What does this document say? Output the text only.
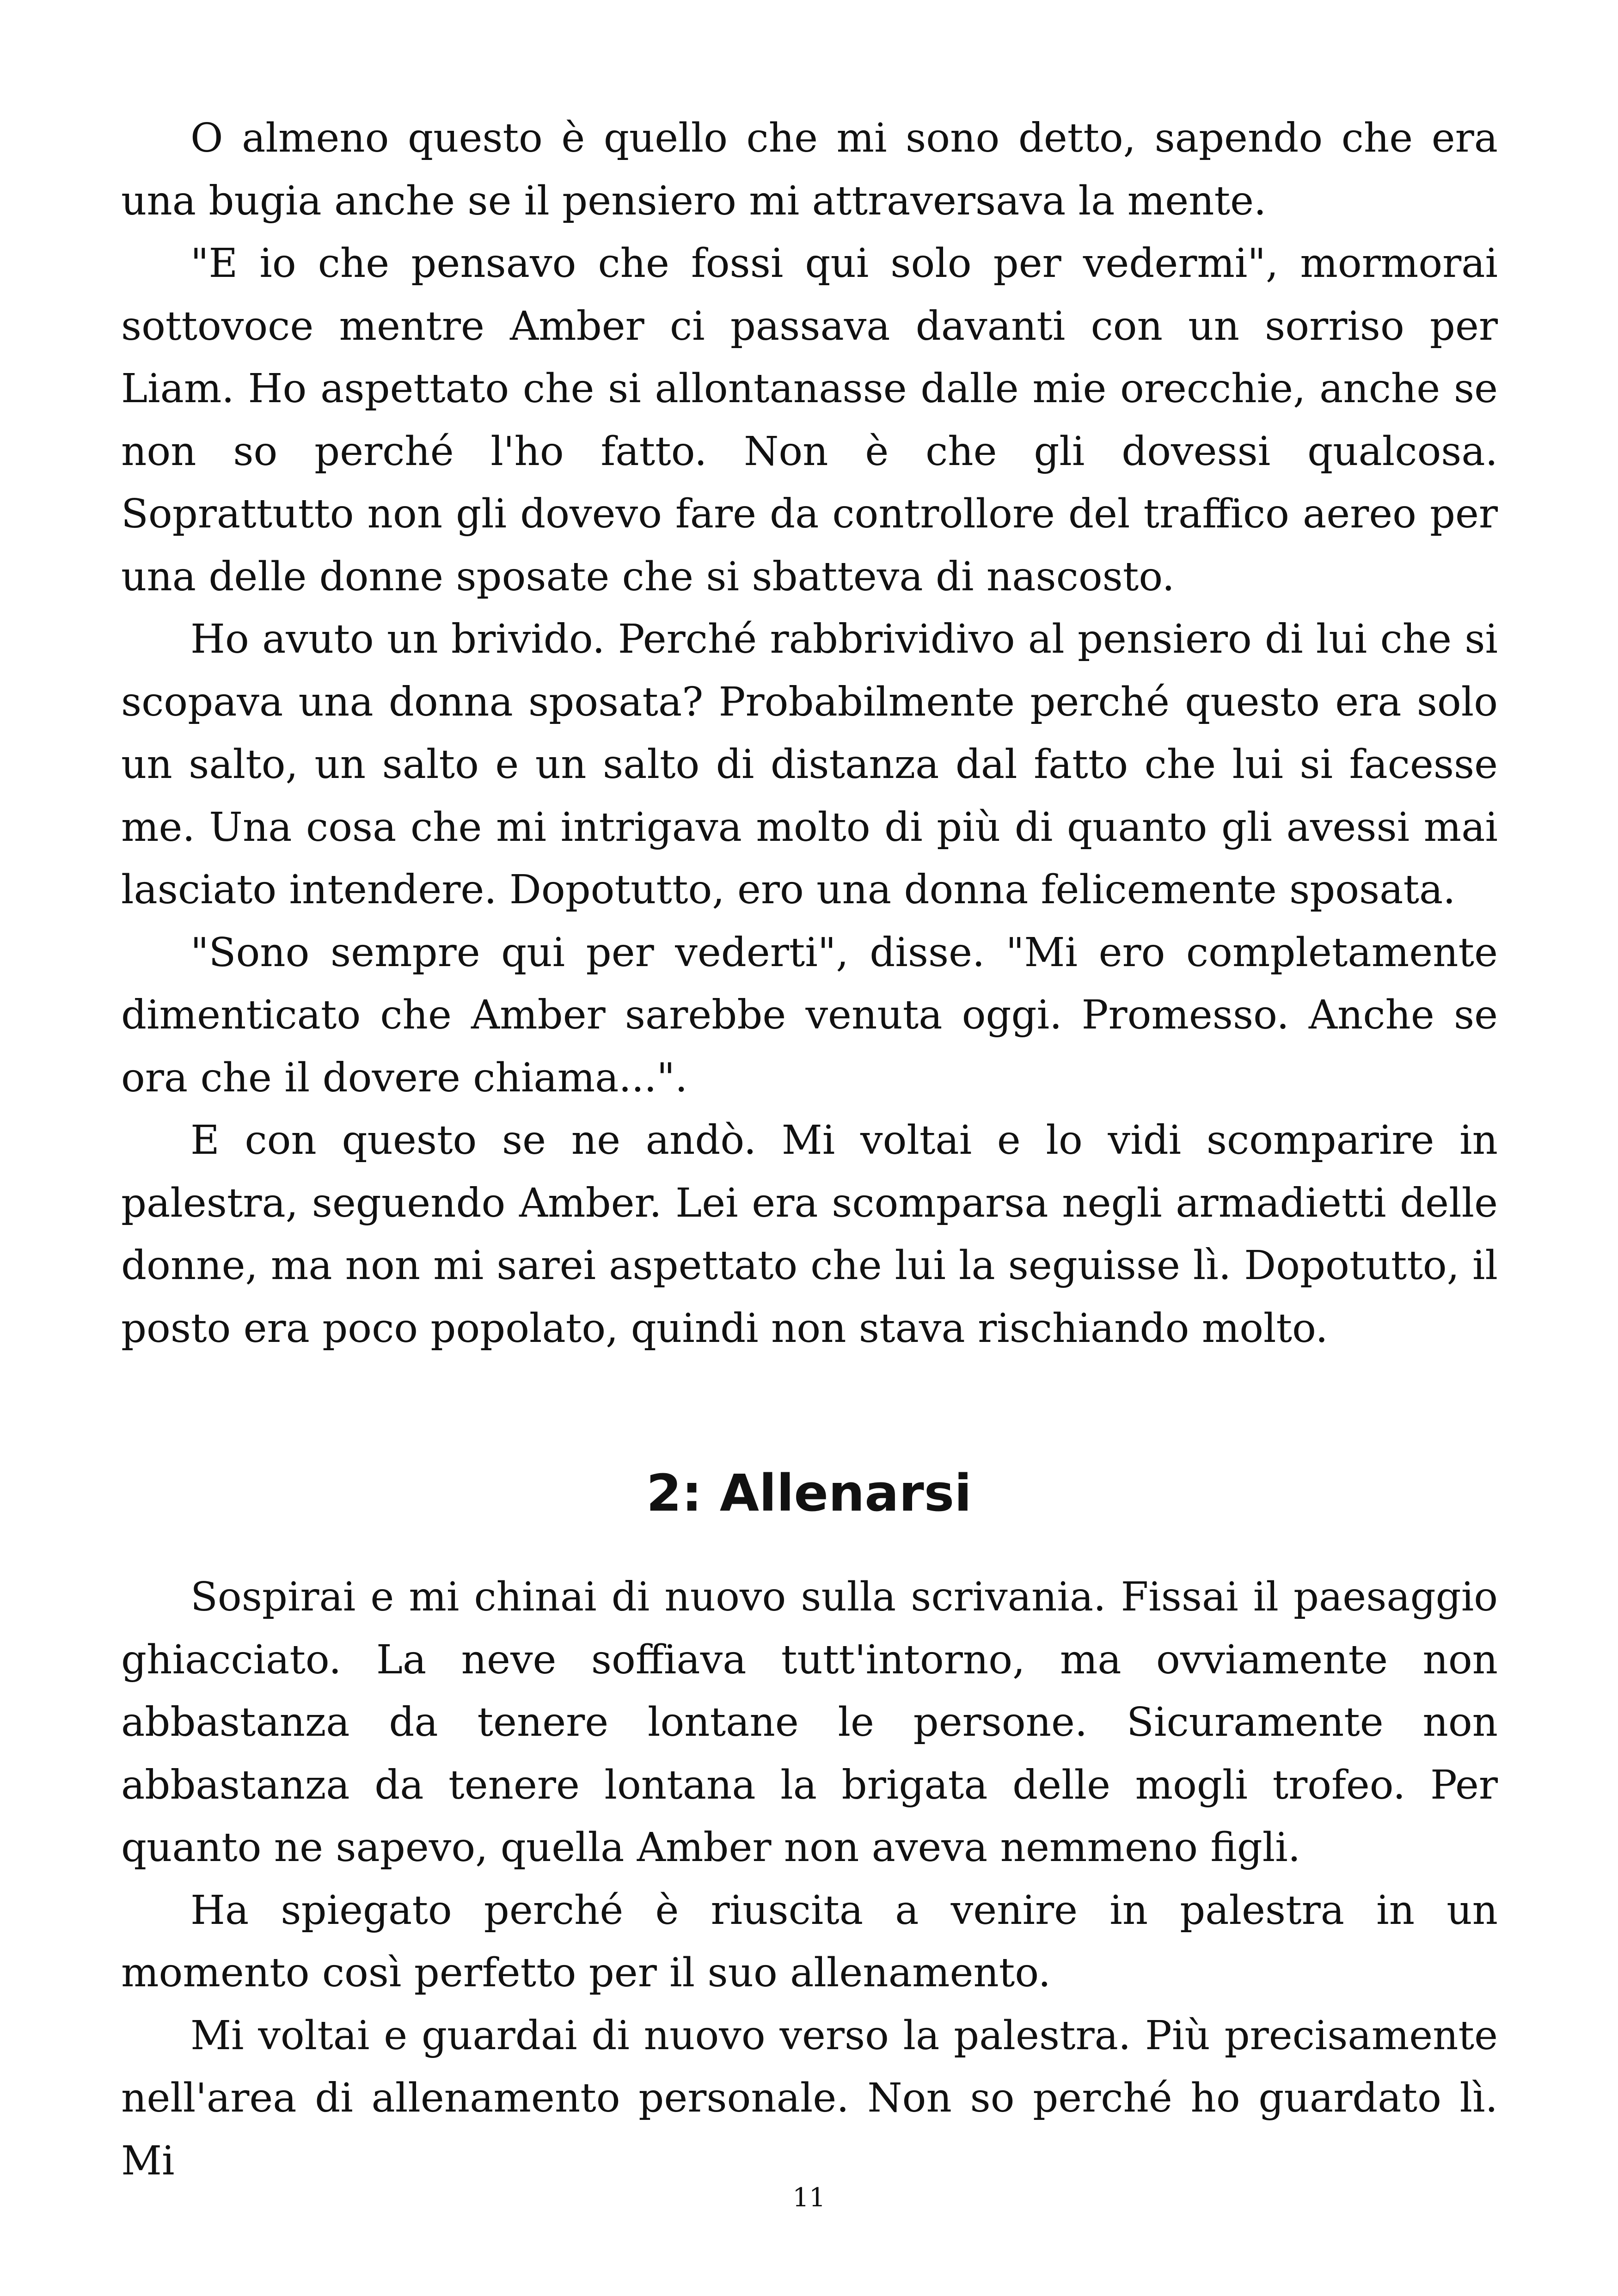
O almeno questo è quello che mi sono detto, sapendo che era una bugia anche se il pensiero mi attraversava la mente.

"E io che pensavo che fossi qui solo per vedermi", mormorai sottovoce mentre Amber ci passava davanti con un sorriso per Liam. Ho aspettato che si allontanasse dalle mie orecchie, anche se non so perché l'ho fatto. Non è che gli dovessi qualcosa. Soprattutto non gli dovevo fare da controllore del traffico aereo per una delle donne sposate che si sbatteva di nascosto.

Ho avuto un brivido. Perché rabbrividivo al pensiero di lui che si scopava una donna sposata? Probabilmente perché questo era solo un salto, un salto e un salto di distanza dal fatto che lui si facesse me. Una cosa che mi intrigava molto di più di quanto gli avessi mai lasciato intendere. Dopotutto, ero una donna felicemente sposata.

"Sono sempre qui per vederti", disse. "Mi ero completamente dimenticato che Amber sarebbe venuta oggi. Promesso. Anche se ora che il dovere chiama...".

E con questo se ne andò. Mi voltai e lo vidi scomparire in palestra, seguendo Amber. Lei era scomparsa negli armadietti delle donne, ma non mi sarei aspettato che lui la seguisse lì. Dopotutto, il posto era poco popolato, quindi non stava rischiando molto.

2: Allenarsi

Sospirai e mi chinai di nuovo sulla scrivania. Fissai il paesaggio ghiacciato. La neve soffiava tutt'intorno, ma ovviamente non abbastanza da tenere lontane le persone. Sicuramente non abbastanza da tenere lontana la brigata delle mogli trofeo. Per quanto ne sapevo, quella Amber non aveva nemmeno figli.

Ha spiegato perché è riuscita a venire in palestra in un momento così perfetto per il suo allenamento.

Mi voltai e guardai di nuovo verso la palestra. Più precisamente nell'area di allenamento personale. Non so perché ho guardato lì. Mi

11
